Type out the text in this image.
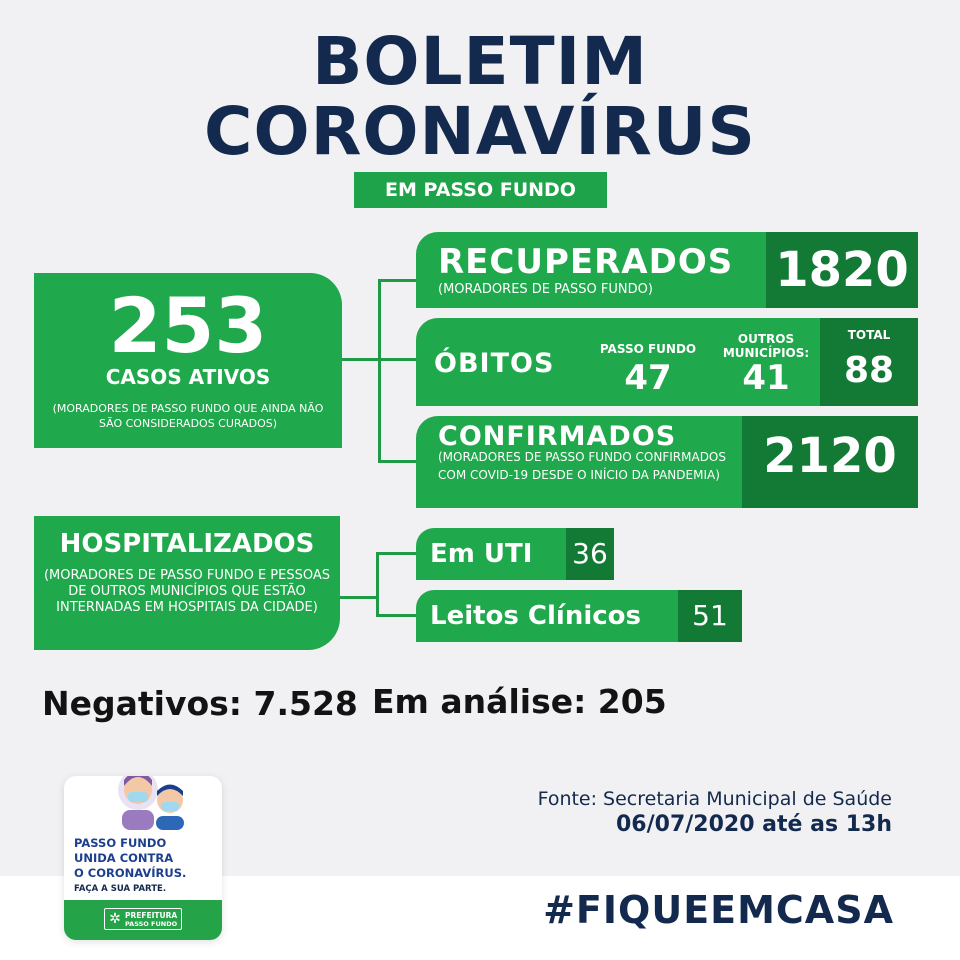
BOLETIM
CORONAVÍRUS
EM PASSO FUNDO
253
CASOS ATIVOS
(MORADORES DE PASSO FUNDO QUE AINDA NÃO SÃO CONSIDERADOS CURADOS)
RECUPERADOS
(MORADORES DE PASSO FUNDO)	1820
ÓBITOS	PASSO FUNDO
47
OUTROS MUNICÍPIOS:
41
TOTAL
88
CONFIRMADOS
(MORADORES DE PASSO FUNDO CONFIRMADOS COM COVID-19 DESDE O INÍCIO DA PANDEMIA) 2120
HOSPITALIZADOS
(MORADORES DE PASSO FUNDO E PESSOAS DE OUTROS MUNICÍPIOS QUE ESTÃO INTERNADAS EM HOSPITAIS DA CIDADE)
Em UTI 36
Leitos Clínicos	51
Negativos: 7.528 Em análise: 205
Fonte: Secretaria Municipal de Saúde
06/07/2020 até as 13h
#FIQUEEMCASA
PASSO FUNDO
UNIDA CONTRA
O CORONAVÍRUS.
FAÇA A SUA PARTE.
✲ PREFEITURA
PASSO FUNDO
